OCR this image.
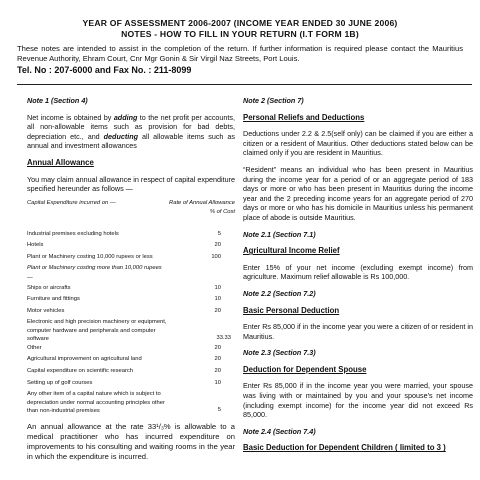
YEAR OF ASSESSMENT 2006-2007 (INCOME YEAR ENDED 30 JUNE 2006)
NOTES - HOW TO FILL IN YOUR RETURN (I.T FORM 1B)
These notes are intended to assist in the completion of the return. If further information is required please contact the Mauritius Revenue Authority, Ehram Court, Cnr Mgr Gonin & Sir Virgil Naz Streets, Port Louis.
Tel. No : 207-6000 and Fax No. : 211-8099
Note 1 (Section 4)

Net income is obtained by adding to the net profit per accounts, all non-allowable items such as provision for bad debts, depreciation etc., and deducting all allowable items such as annual and investment allowances

Annual Allowance

You may claim annual allowance in respect of capital expenditure specified hereunder as follows —

Capital Expenditure incurred on —	Rate of Annual Allowance
% of Cost

Industrial premises excluding hotels	5
Hotels	20
Plant or Machinery costing 10,000 rupees or less	100
Plant or Machinery costing more than 10,000 rupees —	
Ships or aircrafts	10
Furniture and fittings	10
Motor vehicles	20
Electronic and high precision machinery or equipment, computer hardware and peripherals and computer software	33.33
Other	20
Agricultural improvement on agricultural land	20
Capital expenditure on scientific research	20
Setting up of golf courses	10
Any other item of a capital nature which is subject to depreciation under normal accounting principles other than non-industrial premises	5

An annual allowance at the rate 33¹/₃% is allowable to a medical practitioner who has incurred expenditure on improvements to his consulting and waiting rooms in the year in which the expenditure is incurred.

Note 2 (Section 7)
Personal Reliefs and Deductions

Deductions under 2.2 & 2.5(self only) can be claimed if you are either a citizen or a resident of Mauritius. Other deductions stated below can be claimed only if you are resident in Mauritius.

“Resident” means an individual who has been present in Mauritius during the income year for a period of or an aggregate period of 183 days or more or who has been present in Mauritius during the income year and the 2 preceding income years for an aggregate period of 270 days or more or who has his domicile in Mauritius unless his permanent place of abode is outside Mauritius.

Note 2.1 (Section 7.1)
Agricultural Income Relief

Enter 15% of your net income (excluding exempt income) from agriculture. Maximum relief allowable is Rs 100,000.

Note 2.2 (Section 7.2)
Basic Personal Deduction

Enter Rs 85,000 if in the income year you were a citizen of or resident in Mauritius.

Note 2.3 (Section 7.3)
Deduction for Dependent Spouse

Enter Rs 85,000 if in the income year you were married, your spouse was living with or maintained by you and your spouse's net income (including exempt income) for the income year did not exceed Rs 85,000.

Note 2.4 (Section 7.4)
Basic Deduction for Dependent Children ( limited to 3 )
